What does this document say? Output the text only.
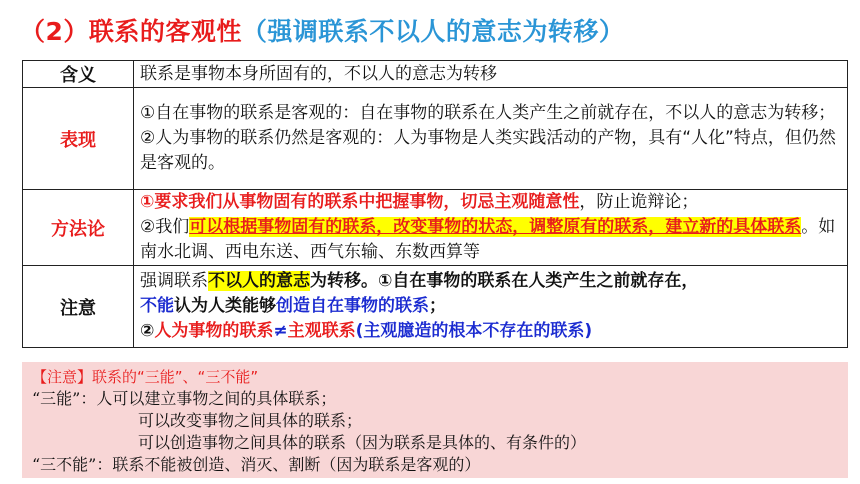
（2）联系的客观性（强调联系不以人的意志为转移）
含义	联系是事物本身所固有的，不以人的意志为转移
表现	①自在事物的联系是客观的：自在事物的联系在人类产生之前就存在，不以人的意志为转移；
②人为事物的联系仍然是客观的：人为事物是人类实践活动的产物，具有“人化”特点，但仍然是客观的。

方法论	①要求我们从事物固有的联系中把握事物，切忌主观随意性，防止诡辩论；
②我们可以根据事物固有的联系，改变事物的状态，调整原有的联系，建立新的具体联系。如南水北调、西电东送、西气东输、东数西算等

注意	强调联系不以人的意志为转移。①自在事物的联系在人类产生之前就存在，
不能认为人类能够创造自在事物的联系；
②人为事物的联系≠主观联系(主观臆造的根本不存在的联系)
【注意】联系的“三能”、“三不能”
“三能”：人可以建立事物之间的具体联系；
可以改变事物之间具体的联系；
可以创造事物之间具体的联系（因为联系是具体的、有条件的）
“三不能”：联系不能被创造、消灭、割断（因为联系是客观的）
